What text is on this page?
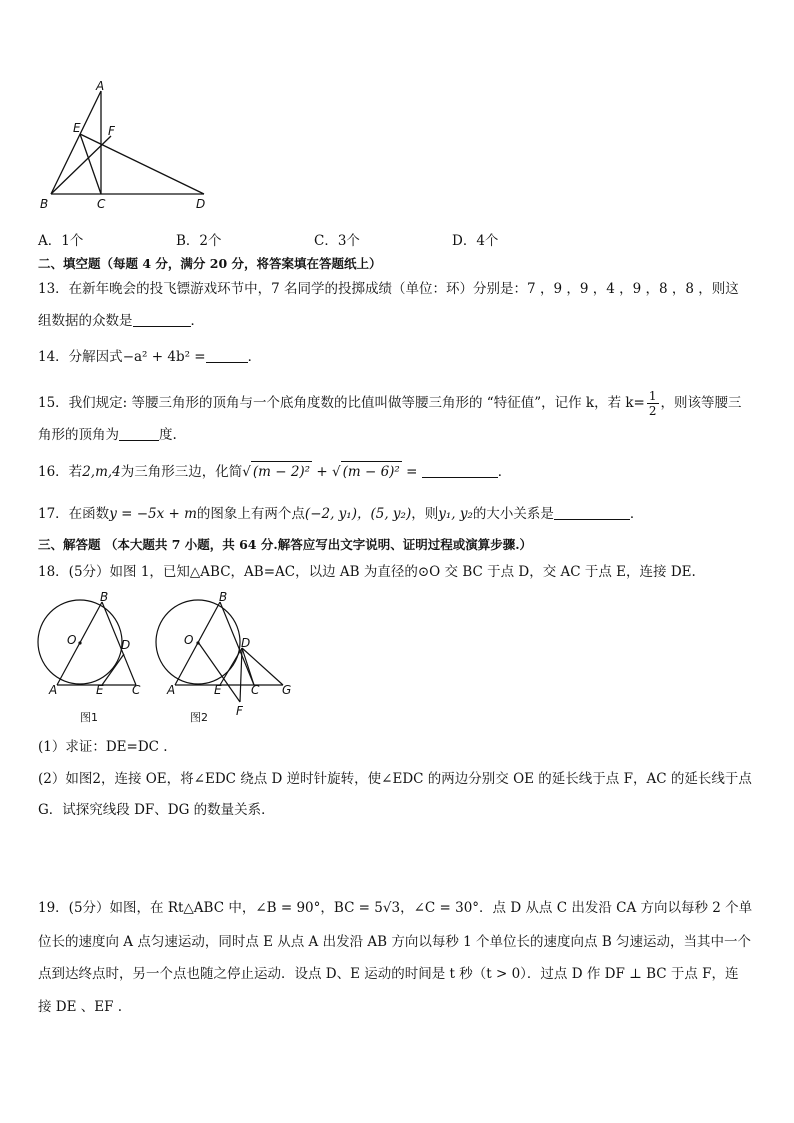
A
E F
B	C	D
A．1个	B．2个	C．3个	D．4个
二、填空题（每题 4 分，满分 20 分，将答案填在答题纸上）
13．在新年晚会的投飞镖游戏环节中，7 名同学的投掷成绩（单位：环）分别是：7 ，9 ，9 ，4 ，9 ，8 ，8 ，则这
组数据的众数是	．
14．分解因式−a² + 4b² =	．
15．我们规定: 等腰三角形的顶角与一个底角度数的比值叫做等腰三角形的 “特征值”，记作 k，若 $k= \frac{1}{2}$ ，则该等腰三
角形的顶角为	度.
16．若2,m,4为三角形三边，化简√ (m − 2)² + √ (m − 6)² =	．
17．在函数y = −5x + m的图象上有两个点(−2, y₁)，(5, y₂)，则y₁, y₂的大小关系是	．
三、解答题 （本大题共 7 小题，共 64 分.解答应写出文字说明、证明过程或演算步骤.）
18．(5分）如图 1，已知△ABC，AB=AC，以边 AB 为直径的⊙O 交 BC 于点 D，交 AC 于点 E，连接 DE.
B
O	D
A	E C
图1
B
O	D
A	E C G
F
图2
(1）求证：DE=DC .
(2）如图2，连接 OE，将∠EDC 绕点 D 逆时针旋转，使∠EDC 的两边分别交 OE 的延长线于点 F，AC 的延长线于点
G．试探究线段 DF、DG 的数量关系．
19．(5分）如图，在 Rt△ABC 中，∠B = 90°，BC = 5√3，∠C = 30°．点 D 从点 C 出发沿 CA 方向以每秒 2 个单
位长的速度向 A 点匀速运动，同时点 E 从点 A 出发沿 AB 方向以每秒 1 个单位长的速度向点 B 匀速运动，当其中一个
点到达终点时，另一个点也随之停止运动．设点 D、E 运动的时间是 t 秒（t > 0）．过点 D 作 DF ⊥ BC 于点 F，连
接 DE 、EF .
